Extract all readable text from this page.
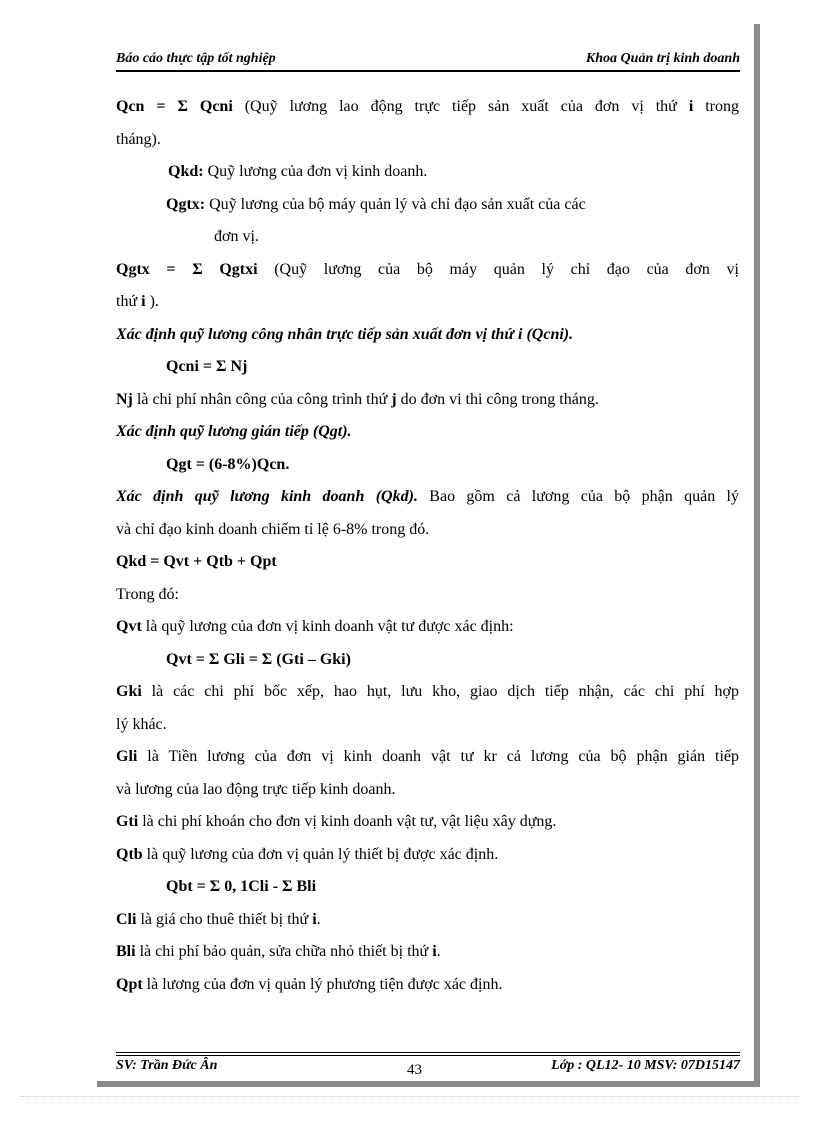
Báo cáo thực tập tốt nghiệp	Khoa Quản trị kinh doanh

Qcn = Σ Qcni (Quỹ lương lao động trực tiếp sản xuất của đơn vị thứ i trong

tháng).

Qkd: Quỹ lương của đơn vị kinh doanh.

Qgtx: Quỹ lương của bộ máy quản lý và chỉ đạo sản xuất của các

đơn vị.

Qgtx = Σ Qgtxi (Quỹ lương của bộ máy quản lý chỉ đạo của đơn vị

thứ i ).

Xác định quỹ lương công nhân trực tiếp sản xuất đơn vị thứ i (Qcni).

Qcni = Σ Nj

Nj là chi phí nhân công của công trình thứ j do đơn vi thi công trong tháng.

Xác định quỹ lương gián tiếp (Qgt).

Qgt = (6-8%)Qcn.

Xác định quỹ lương kinh doanh (Qkd). Bao gồm cả lương của bộ phận quản lý

và chỉ đạo kinh doanh chiếm tỉ lệ 6-8% trong đó.

Qkd = Qvt + Qtb + Qpt

Trong đó:

Qvt là quỹ lương của đơn vị kinh doanh vật tư được xác định:

Qvt = Σ Gli = Σ (Gti – Gki)

Gki là các chi phí bốc xếp, hao hụt, lưu kho, giao dịch tiếp nhận, các chi phí hợp

lý khác.

Gli là Tiền lương của đơn vị kinh doanh vật tư kr cả lương của bộ phận gián tiếp

và lương của lao động trực tiếp kinh doanh.

Gti là chi phí khoán cho đơn vị kinh doanh vật tư, vật liệu xây dựng.

Qtb là quỹ lương của đơn vị quản lý thiết bị được xác định.

Qbt = Σ 0, 1Cli - Σ Bli

Cli là giá cho thuê thiết bị thứ i.

Bli là chi phí bảo quản, sửa chữa nhỏ thiết bị thứ i.

Qpt là lương của đơn vị quản lý phương tiện được xác định.

SV: Trần Đức Ân	43	Lớp : QL12- 10 MSV: 07D15147
